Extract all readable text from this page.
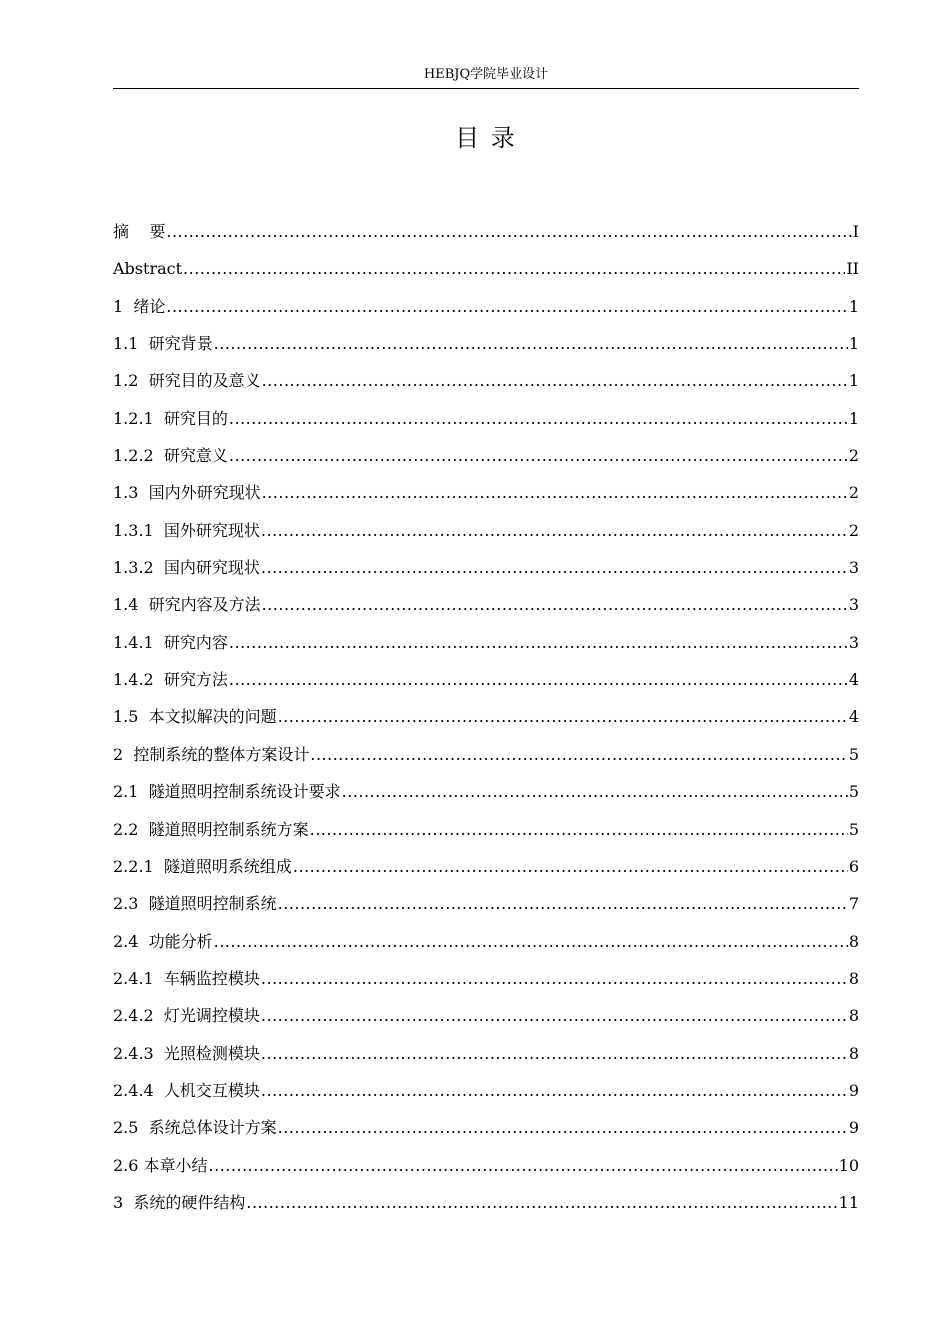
HEBJQ学院毕业设计
目 录
摘    要 .....	I
Abstract .....	II
1  绪论 .....	1
1.1  研究背景 .....	1
1.2  研究目的及意义 .....	1
1.2.1  研究目的 .....	1
1.2.2  研究意义 .....	2
1.3  国内外研究现状 .....	2
1.3.1  国外研究现状 .....	2
1.3.2  国内研究现状 .....	3
1.4  研究内容及方法 .....	3
1.4.1  研究内容 .....	3
1.4.2  研究方法 .....	4
1.5  本文拟解决的问题 .....	4
2  控制系统的整体方案设计 .....	5
2.1  隧道照明控制系统设计要求 .....	5
2.2  隧道照明控制系统方案 .....	5
2.2.1  隧道照明系统组成 .....	6
2.3  隧道照明控制系统 .....	7
2.4  功能分析 .....	8
2.4.1  车辆监控模块 .....	8
2.4.2  灯光调控模块 .....	8
2.4.3  光照检测模块 .....	8
2.4.4  人机交互模块 .....	9
2.5  系统总体设计方案 .....	9
2.6 本章小结 .....	10
3  系统的硬件结构 .....	11
